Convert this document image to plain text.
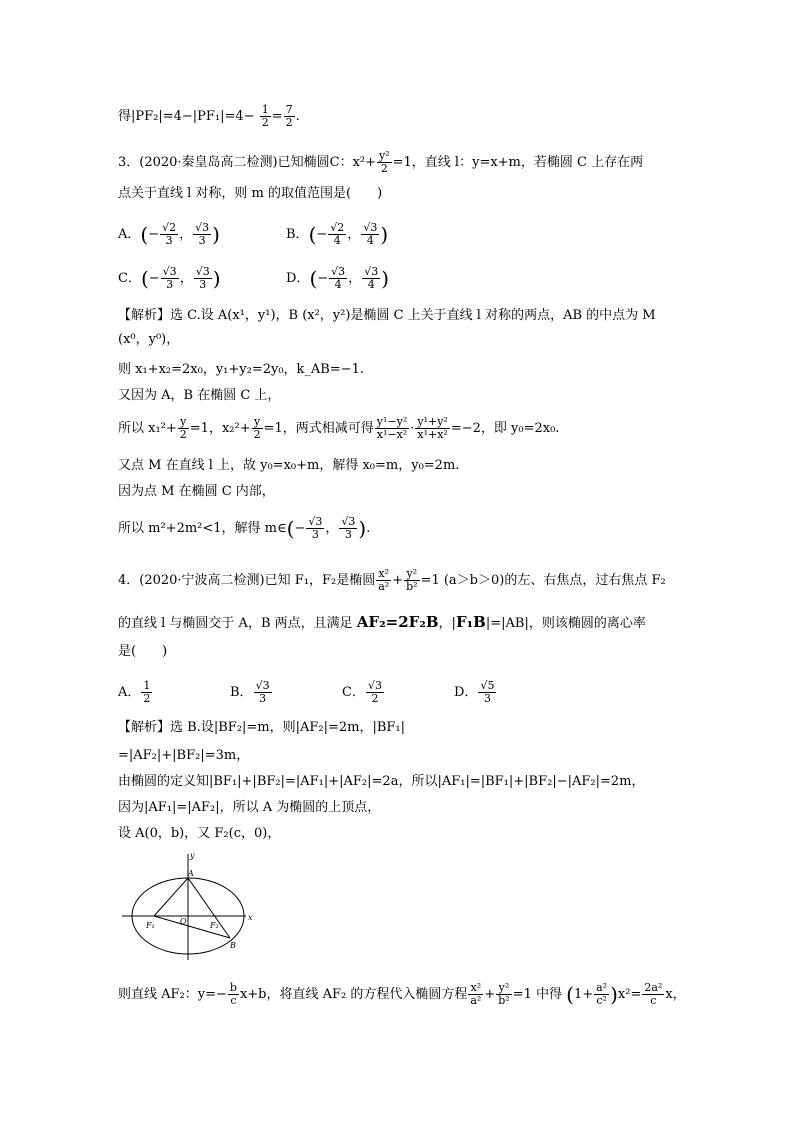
得$|PF_2|=4-|PF_1|=4- \frac{1}{2} = \frac{7}{2}$ .
3．(2020·秦皇岛高二检测)已知椭圆C：$x^2+ \frac{\text{y²}}{2} =1$，直线 l：y=x+m，若椭圆 C 上存在两
点关于直线 l 对称，则 m 的取值范围是(　　)
A．(− $\frac{√2}{3}$ ， $\frac{√3}{3}$ )	B．(− $\frac{√2}{4}$ ， $\frac{√3}{4}$ )
C．(− $\frac{√3}{3}$ ， $\frac{√3}{3}$ )	D．(− $\frac{√3}{4}$ ， $\frac{√3}{4}$ )
【解析】选 C.设 A(x¹，y¹)，B (x²，y²)是椭圆 C 上关于直线 l 对称的两点，AB 的中点为 M
(x⁰，y⁰)，
则 x₁+x₂=2x₀，y₁+y₂=2y₀，k_AB=−1.
又因为 A，B 在椭圆 C 上，
所以 $x_1^2+ \frac{y}{2} =1$，$x_2^2+ \frac{y}{2} =1$，两式相减可得 $\frac{\text{y¹−y²}}{\text{x¹−x²}} \cdot \frac{\text{y¹+y²}}{\text{x¹+x²}} =-2$，即 y₀=2x₀.
又点 M 在直线 l 上，故 y₀=x₀+m，解得 x₀=m，y₀=2m.
因为点 M 在椭圆 C 内部，
所以 m²+2m²<1，解得 m∈(− $\frac{√3}{3}$ ， $\frac{√3}{3}$ ).
4．(2020·宁波高二检测)已知 F₁，F₂是椭圆 $\frac{\text{x²}}{\text{a²}} + \frac{\text{y²}}{\text{b²}} =1$ (a＞b＞0)的左、右焦点，过右焦点 F₂
的直线 l 与椭圆交于 A，B 两点，且满足 AF₂=2F₂B，|F₁B|=|AB|，则该椭圆的离心率
是(　　)
A． $\frac{1}{2}$	B． $\frac{√3}{3}$	C． $\frac{√3}{2}$	D． $\frac{√5}{3}$
【解析】选 B.设|BF₂|=m，则|AF₂|=2m，|BF₁|
=|AF₂|+|BF₂|=3m，
由椭圆的定义知|BF₁|+|BF₂|=|AF₁|+|AF₂|=2a，所以|AF₁|=|BF₁|+|BF₂|−|AF₂|=2m，
因为|AF₁|=|AF₂|，所以 A 为椭圆的上顶点，
设 A(0，b)，又 F₂(c，0)，
y
x
A
O
F₁	F₂
B
则直线 AF₂：$y=- \frac{b}{c} x+b$，将直线 AF₂ 的方程代入椭圆方程 $\frac{\text{x²}}{\text{a²}} + \frac{\text{y²}}{\text{b²}} =1$ 中得 $(1+ \frac{\text{a²}}{\text{c²}} )x^2= \frac{\text{2a²}}{c}$ x，
